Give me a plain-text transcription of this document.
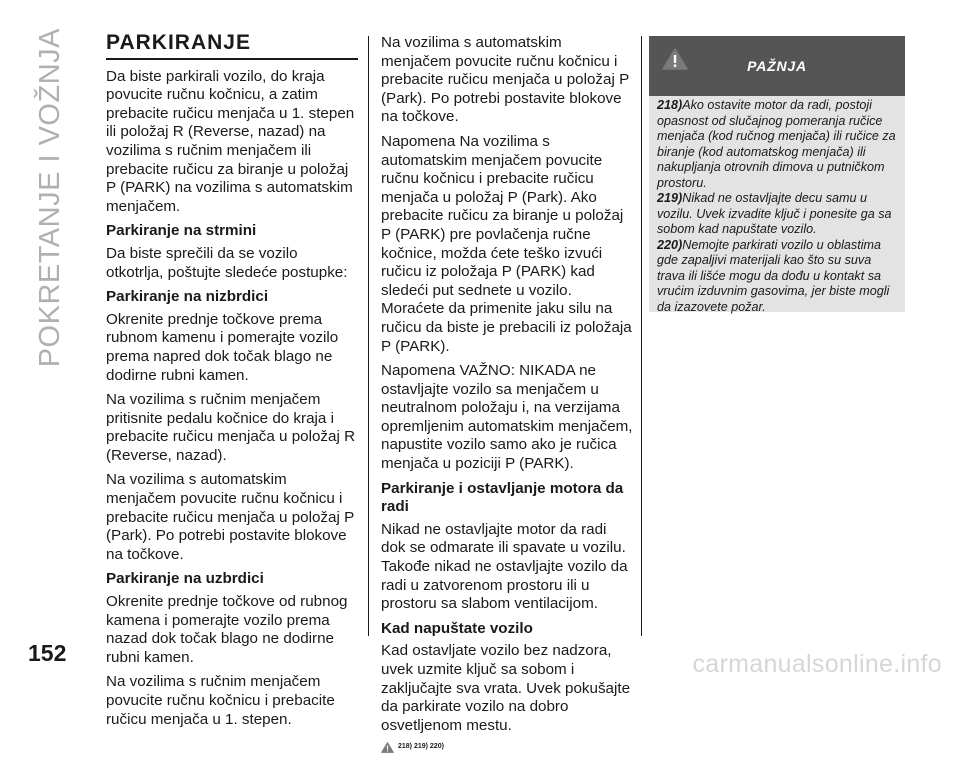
POKRETANJE I VOŽNJA PARKIRANJE

Da biste parkirali vozilo, do kraja povucite ručnu kočnicu, a zatim prebacite ručicu menjača u 1. stepen ili položaj R (Reverse, nazad) na vozilima s ručnim menjačem ili prebacite ručicu za biranje u položaj P (PARK) na vozilima s automatskim menjačem.

Parkiranje na strmini

Da biste sprečili da se vozilo otkotrlja, poštujte sledeće postupke:

Parkiranje na nizbrdici

Okrenite prednje točkove prema rubnom kamenu i pomerajte vozilo prema napred dok točak blago ne dodirne rubni kamen.

Na vozilima s ručnim menjačem pritisnite pedalu kočnice do kraja i prebacite ručicu menjača u položaj R (Reverse, nazad).

Na vozilima s automatskim menjačem povucite ručnu kočnicu i prebacite ručicu menjača u položaj P (Park). Po potrebi postavite blokove na točkove.

Parkiranje na uzbrdici

Okrenite prednje točkove od rubnog kamena i pomerajte vozilo prema nazad dok točak blago ne dodirne rubni kamen.

Na vozilima s ručnim menjačem povucite ručnu kočnicu i prebacite ručicu menjača u 1. stepen.

Na vozilima s automatskim menjačem povucite ručnu kočnicu i prebacite ručicu menjača u položaj P (Park). Po potrebi postavite blokove na točkove.

Napomena Na vozilima s automatskim menjačem povucite ručnu kočnicu i prebacite ručicu menjača u položaj P (Park). Ako prebacite ručicu za biranje u položaj P (PARK) pre povlačenja ručne kočnice, možda ćete teško izvući ručicu iz položaja P (PARK) kad sledeći put sednete u vozilo. Moraćete da primenite jaku silu na ručicu da biste je prebacili iz položaja P (PARK).

Napomena VAŽNO: NIKADA ne ostavljajte vozilo sa menjačem u neutralnom položaju i, na verzijama opremljenim automatskim menjačem, napustite vozilo samo ako je ručica menjača u poziciji P (PARK).

Parkiranje i ostavljanje motora da radi

Nikad ne ostavljajte motor da radi dok se odmarate ili spavate u vozilu. Takođe nikad ne ostavljajte vozilo da radi u zatvorenom prostoru ili u prostoru sa slabom ventilacijom.

Kad napuštate vozilo

Kad ostavljate vozilo bez nadzora, uvek uzmite ključ sa sobom i zaključajte sva vrata. Uvek pokušajte da parkirate vozilo na dobro osvetljenom mestu.

218) 219) 220)
PAŽNJA
218)Ako ostavite motor da radi, postoji opasnost od slučajnog pomeranja ručice menjača (kod ručnog menjača) ili ručice za biranje (kod automatskog menjača) ili nakupljanja otrovnih dimova u putničkom prostoru.
219)Nikad ne ostavljajte decu samu u vozilu. Uvek izvadite ključ i ponesite ga sa sobom kad napuštate vozilo.
220)Nemojte parkirati vozilo u oblastima gde zapaljivi materijali kao što su suva trava ili lišće mogu da dođu u kontakt sa vrućim izduvnim gasovima, jer biste mogli da izazovete požar.
152	carmanualsonline.info
